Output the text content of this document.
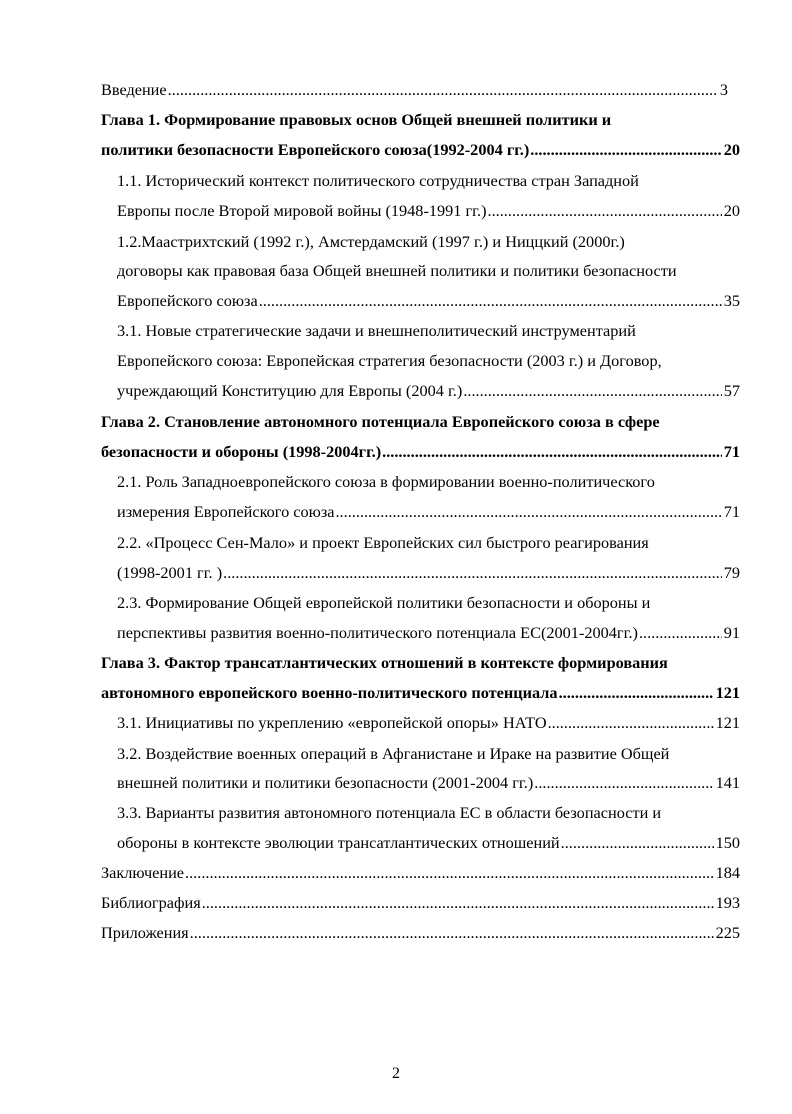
Введение .....	3
Глава 1. Формирование правовых основ Общей внешней политики и
политики безопасности Европейского союза(1992-2004 гг.) .....	20
1.1. Исторический контекст политического сотрудничества стран Западной
Европы после Второй мировой войны (1948-1991 гг.) .....	20
1.2.Маастрихтский (1992 г.), Амстердамский (1997 г.) и Ниццкий (2000г.)
договоры как правовая база Общей внешней политики и политики безопасности
Европейского союза .....	35
3.1. Новые стратегические задачи и внешнеполитический инструментарий
Европейского союза: Европейская стратегия безопасности (2003 г.) и Договор,
учреждающий Конституцию для Европы (2004 г.) .....	57
Глава 2. Становление автономного потенциала Европейского союза в сфере
безопасности и обороны (1998-2004гг.) .....	71
2.1. Роль Западноевропейского союза в формировании военно-политического
измерения Европейского союза .....	71
2.2. «Процесс Сен-Мало» и проект Европейских сил быстрого реагирования
(1998-2001 гг. ) .....	79
2.3. Формирование Общей европейской политики безопасности и обороны и
перспективы развития военно-политического потенциала ЕС(2001-2004гг.) .....	91
Глава 3. Фактор трансатлантических отношений в контексте формирования
автономного европейского военно-политического потенциала .....	121
3.1. Инициативы по укреплению «европейской опоры» НАТО .....	121
3.2. Воздействие военных операций в Афганистане и Ираке на развитие Общей
внешней политики и политики безопасности (2001-2004 гг.) .....	141
3.3. Варианты развития автономного потенциала ЕС в области безопасности и
обороны в контексте эволюции трансатлантических отношений .....	150
Заключение .....	184
Библиография .....	193
Приложения .....	225
2
